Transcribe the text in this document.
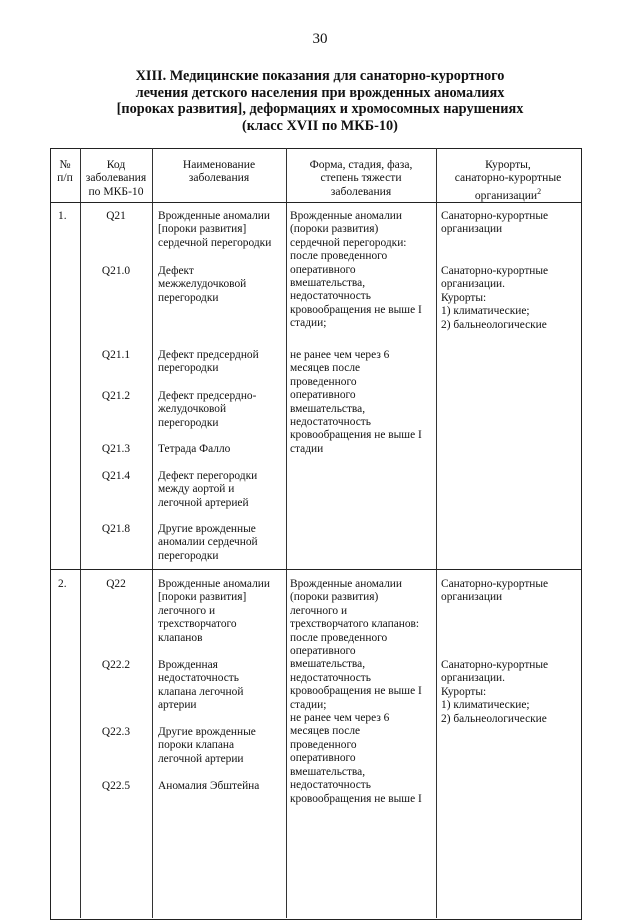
30
XIII. Медицинские показания для санаторно-курортного
лечения детского населения при врожденных аномалиях
[пороках развития], деформациях и хромосомных нарушениях
(класс XVII по МКБ-10)
№
п/п
Код
заболевания
по МКБ-10
Наименование
заболевания
Форма, стадия, фаза,
степень тяжести
заболевания
Курорты,
санаторно-курортные
организации$^2$
1.	Q21
Q21.0
Q21.1
Q21.2
Q21.3
Q21.4
Q21.8
Врожденные аномалии
[пороки развития]
сердечной перегородки
Дефект
межжелудочковой
перегородки
Дефект предсердной
перегородки
Дефект предсердно-
желудочковой
перегородки
Тетрада Фалло
Дефект перегородки
между аортой и
легочной артерией
Другие врожденные
аномалии сердечной
перегородки
Врожденные аномалии
(пороки развития)
сердечной перегородки:
после проведенного
оперативного
вмешательства,
недостаточность
кровообращения не выше I
стадии;
не ранее чем через 6
месяцев после
проведенного
оперативного
вмешательства,
недостаточность
кровообращения не выше I
стадии
Санаторно-курортные
организации
Санаторно-курортные
организации.
Курорты:
1) климатические;
2) бальнеологические
2.	Q22
Q22.2
Q22.3
Q22.5
Врожденные аномалии
[пороки развития]
легочного и
трехстворчатого
клапанов
Врожденная
недостаточность
клапана легочной
артерии
Другие врожденные
пороки клапана
легочной артерии
Аномалия Эбштейна
Врожденные аномалии
(пороки развития)
легочного и
трехстворчатого клапанов:
после проведенного
оперативного
вмешательства,
недостаточность
кровообращения не выше I
стадии;
не ранее чем через 6
месяцев после
проведенного
оперативного
вмешательства,
недостаточность
кровообращения не выше I
Санаторно-курортные
организации
Санаторно-курортные
организации.
Курорты:
1) климатические;
2) бальнеологические
